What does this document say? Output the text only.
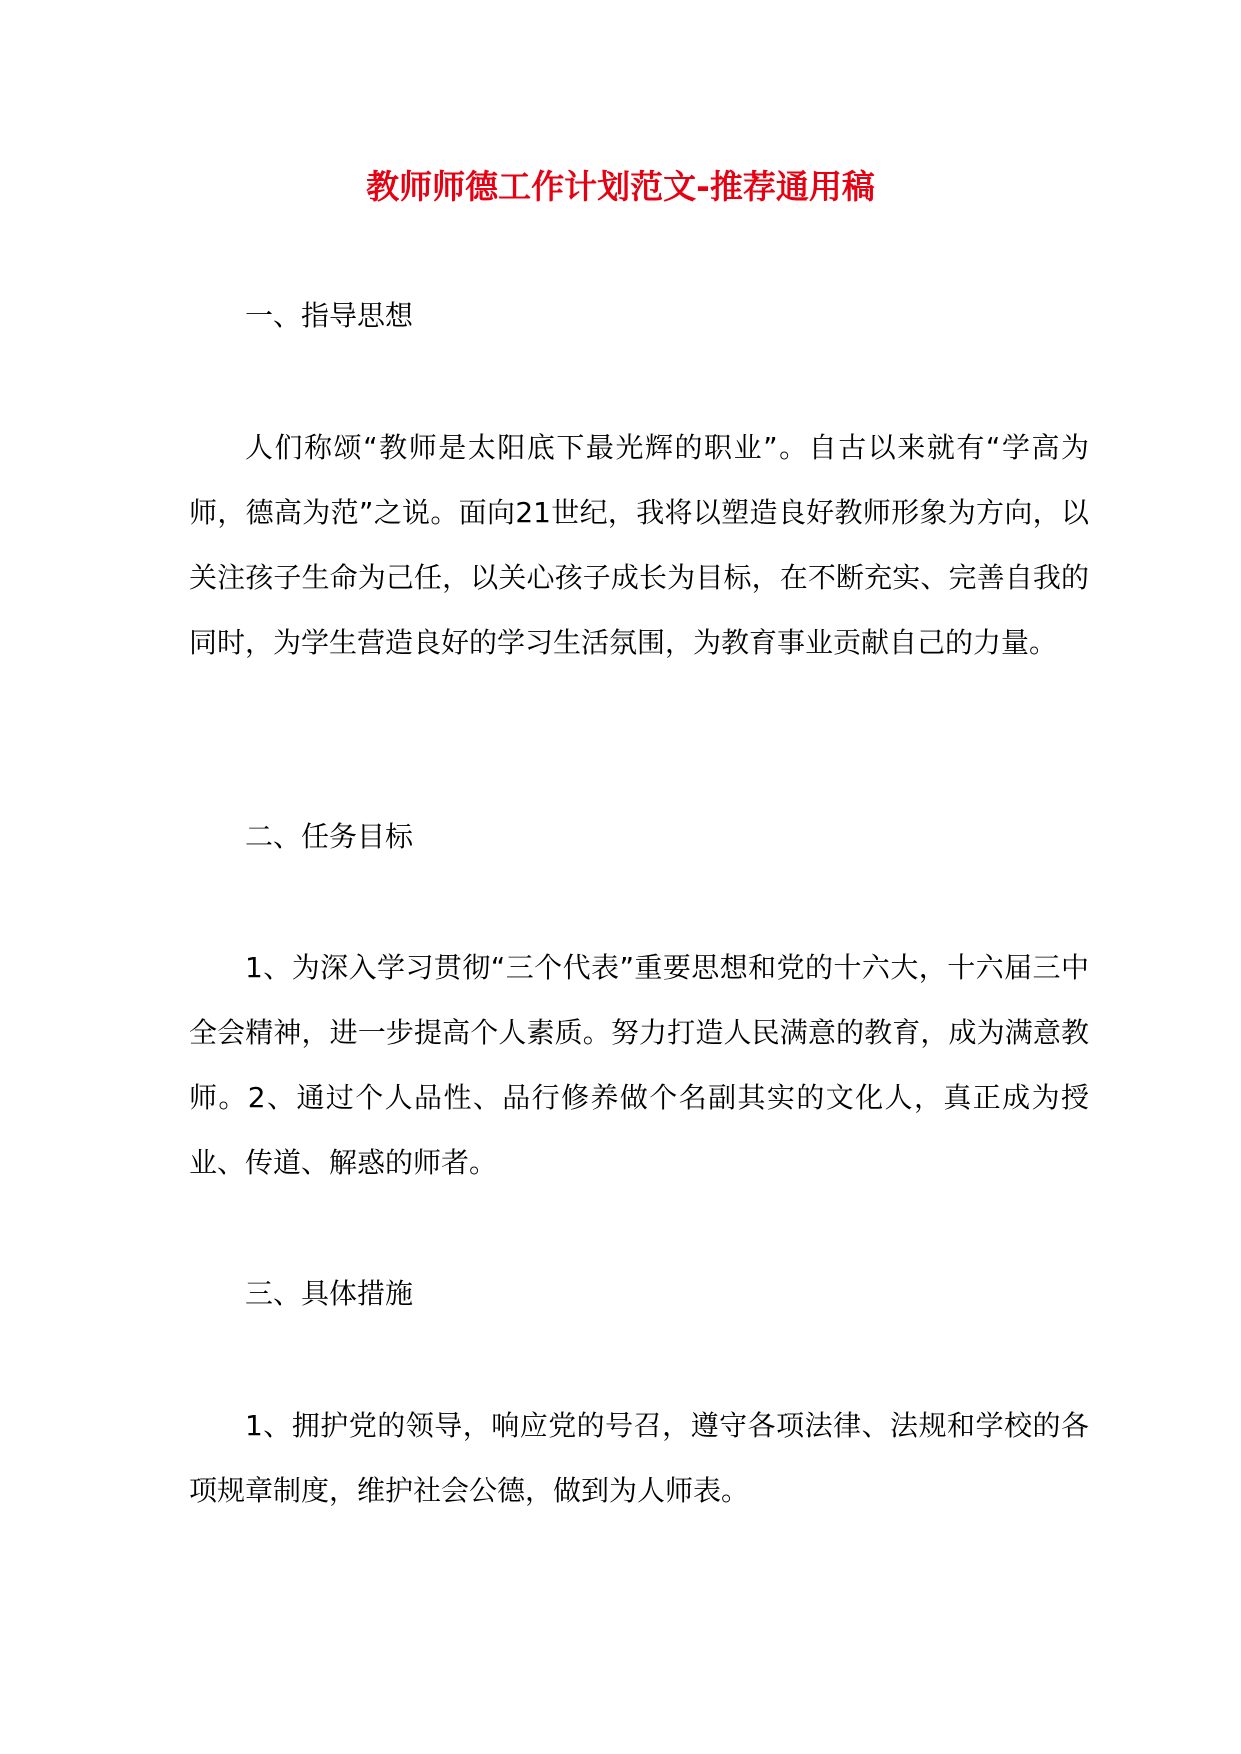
教师师德工作计划范文-推荐通用稿

一、指导思想

人们称颂“教师是太阳底下最光辉的职业”。自古以来就有“学高为师，德高为范”之说。面向21世纪，我将以塑造良好教师形象为方向，以关注孩子生命为己任，以关心孩子成长为目标，在不断充实、完善自我的同时，为学生营造良好的学习生活氛围，为教育事业贡献自己的力量。

二、任务目标

1、为深入学习贯彻“三个代表”重要思想和党的十六大，十六届三中全会精神，进一步提高个人素质。努力打造人民满意的教育，成为满意教师。2、通过个人品性、品行修养做个名副其实的文化人，真正成为授业、传道、解惑的师者。

三、具体措施

1、拥护党的领导，响应党的号召，遵守各项法律、法规和学校的各项规章制度，维护社会公德，做到为人师表。
